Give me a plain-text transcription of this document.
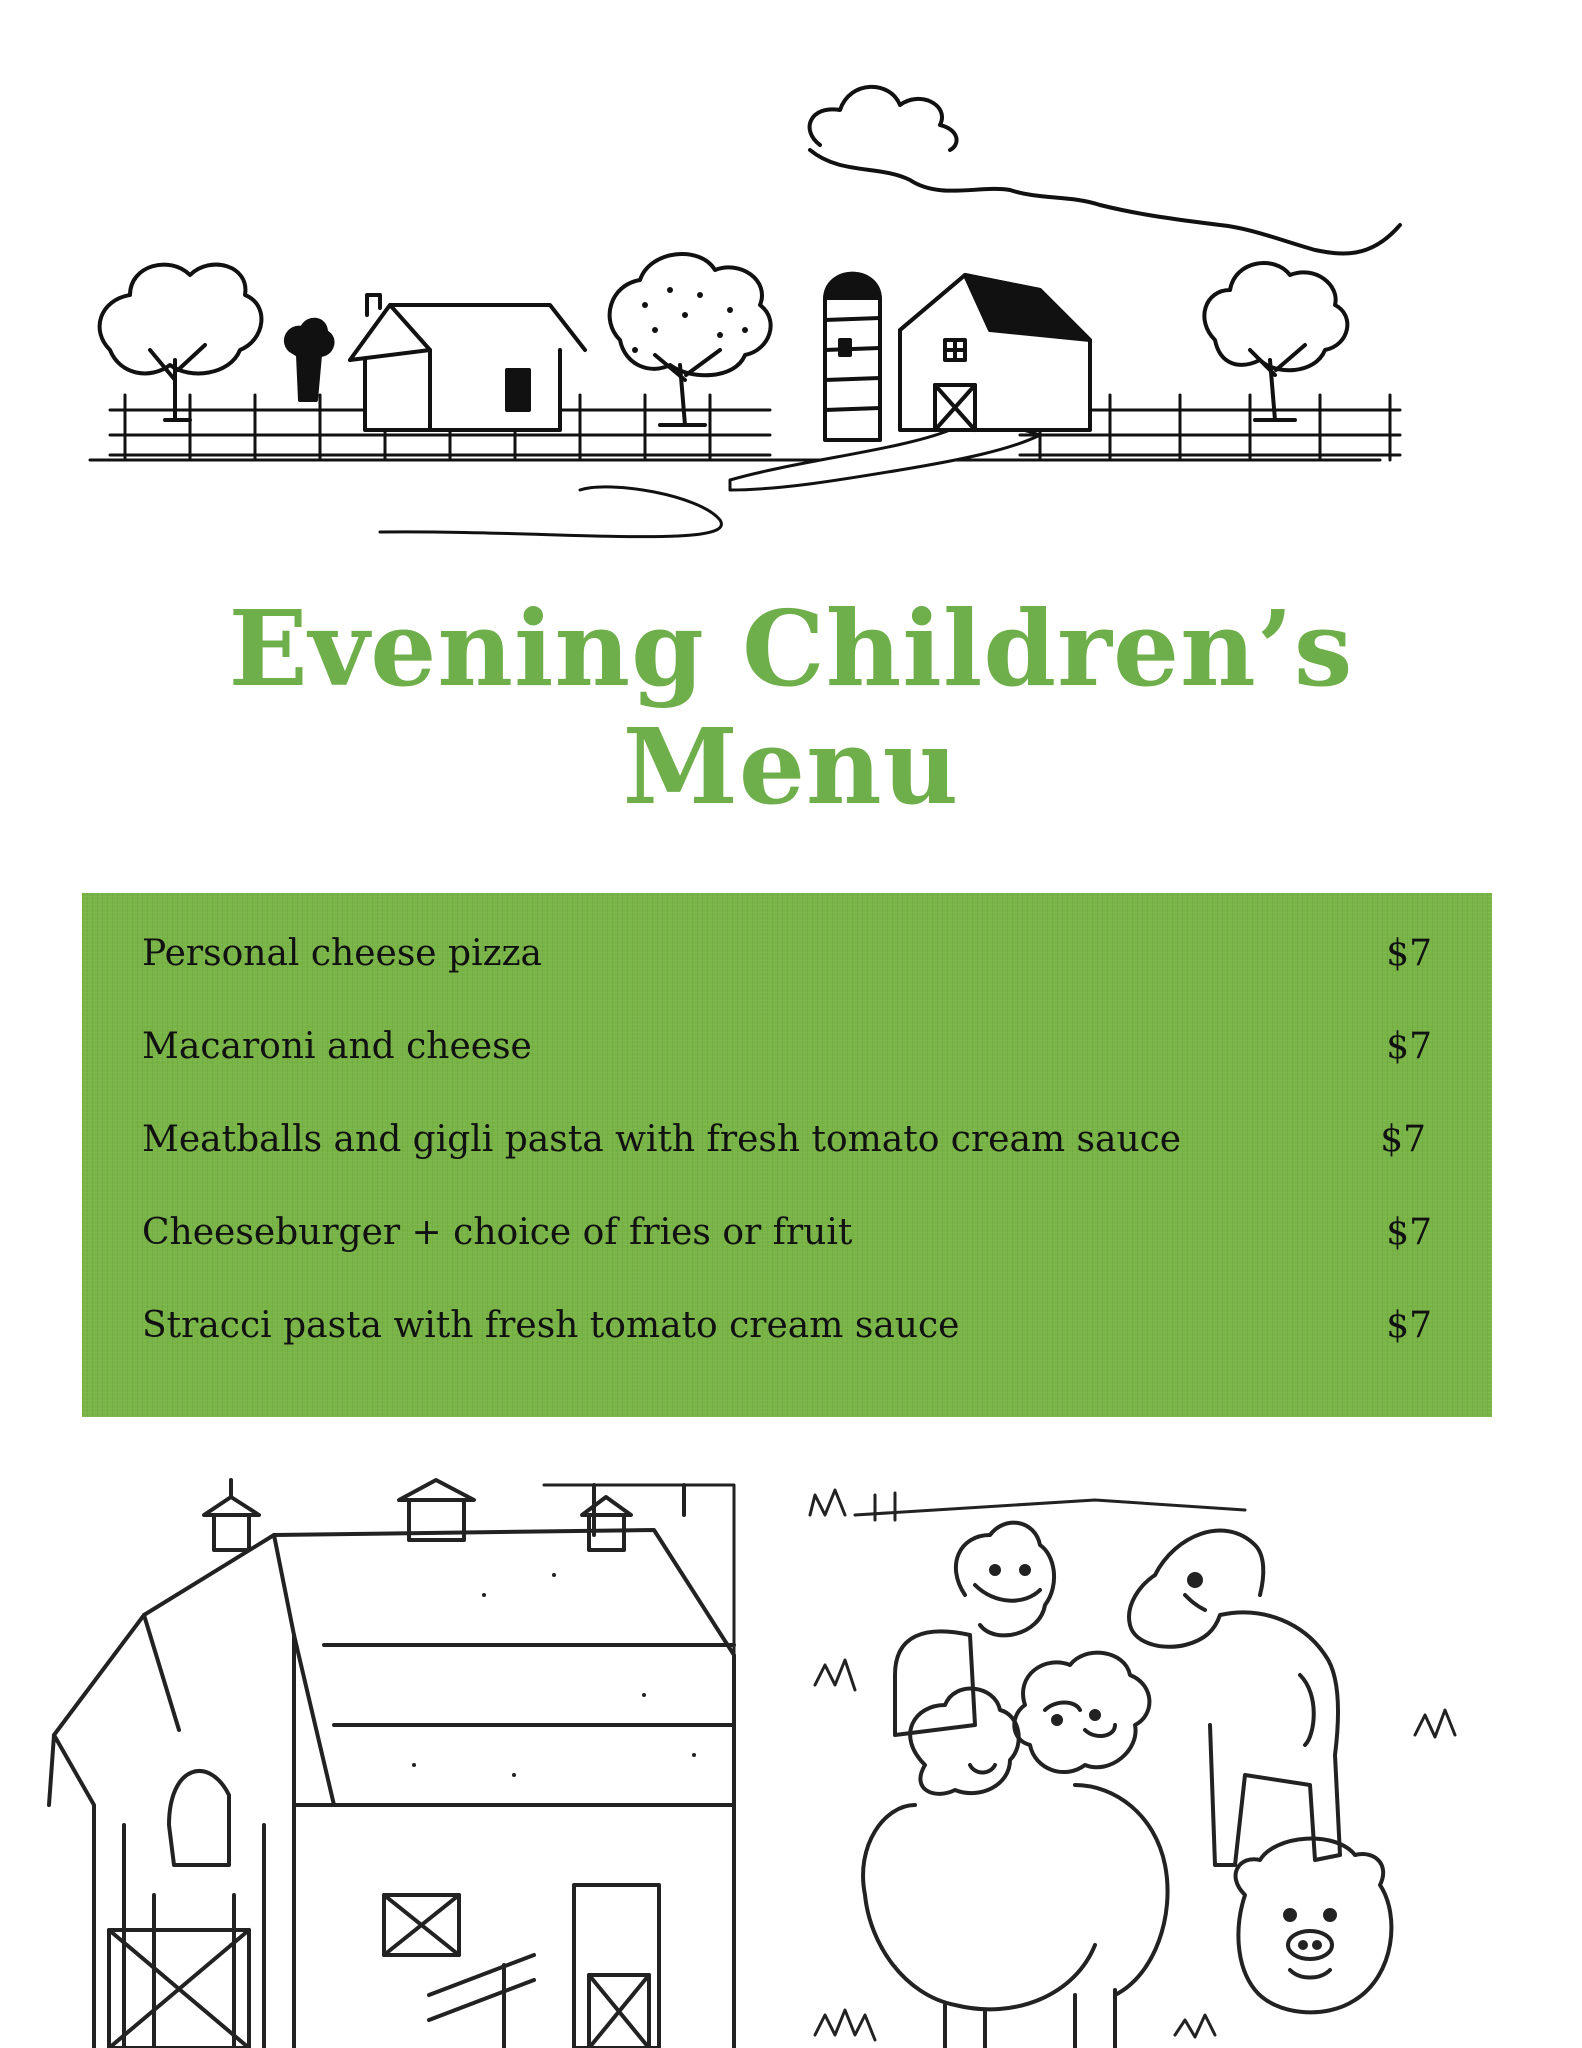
Evening Children’s
Menu
Personal cheese pizza	$7
Macaroni and cheese	$7
Meatballs and gigli pasta with fresh tomato cream sauce	$7
Cheeseburger + choice of fries or fruit	$7
Stracci pasta with fresh tomato cream sauce	$7
